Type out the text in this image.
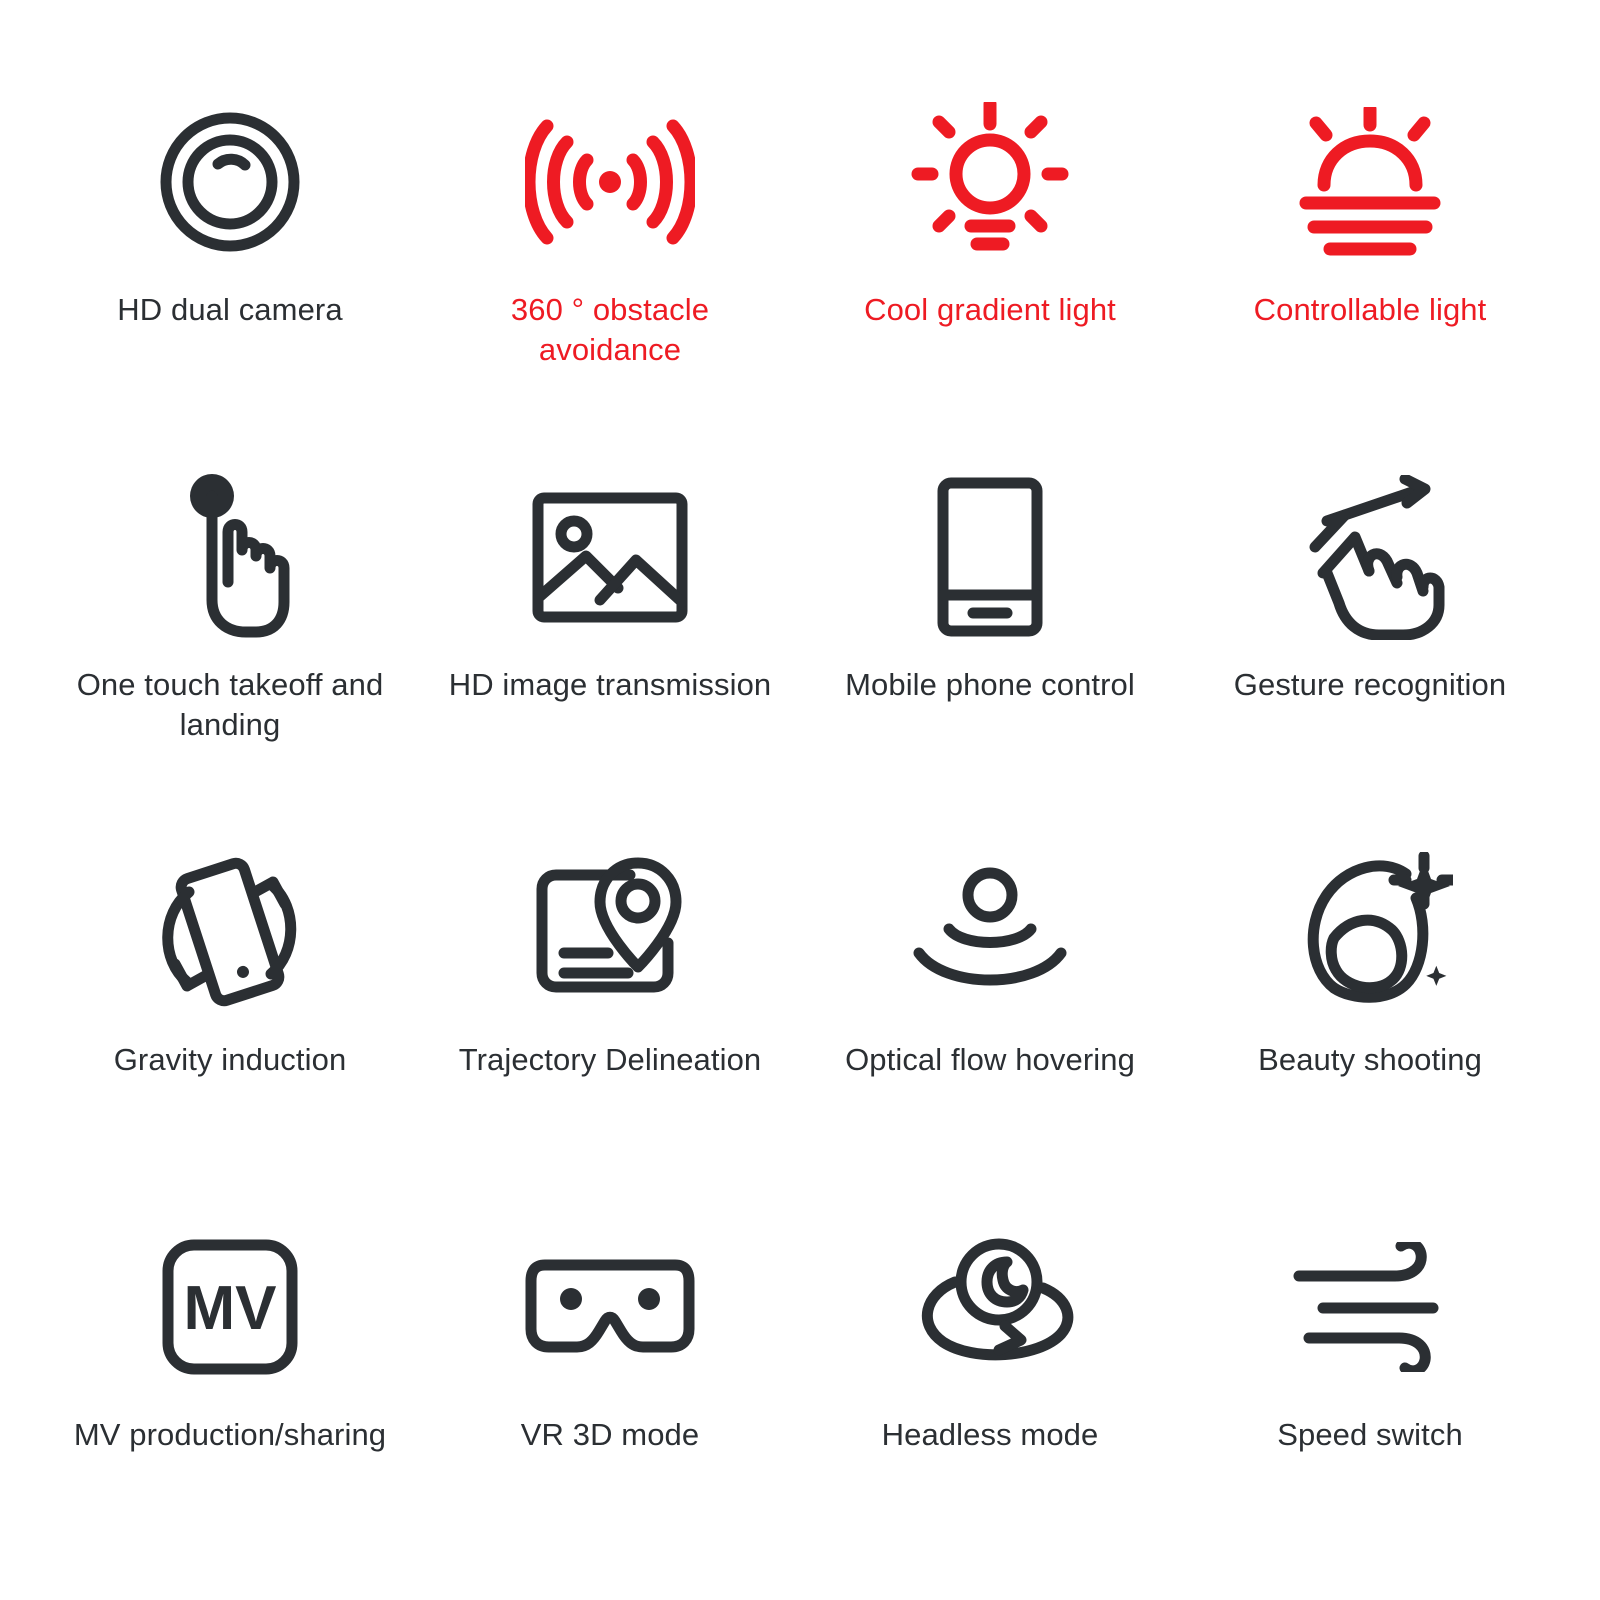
HD dual camera	360 ° obstacle avoidance
Cool gradient light	Controllable light
One touch takeoff and landing
HD image transmission Mobile phone control	Gesture recognition
Gravity induction	Trajectory Delineation	Optical flow hovering	Beauty shooting
MV
MV production/sharing	VR 3D mode	Headless mode	Speed switch
